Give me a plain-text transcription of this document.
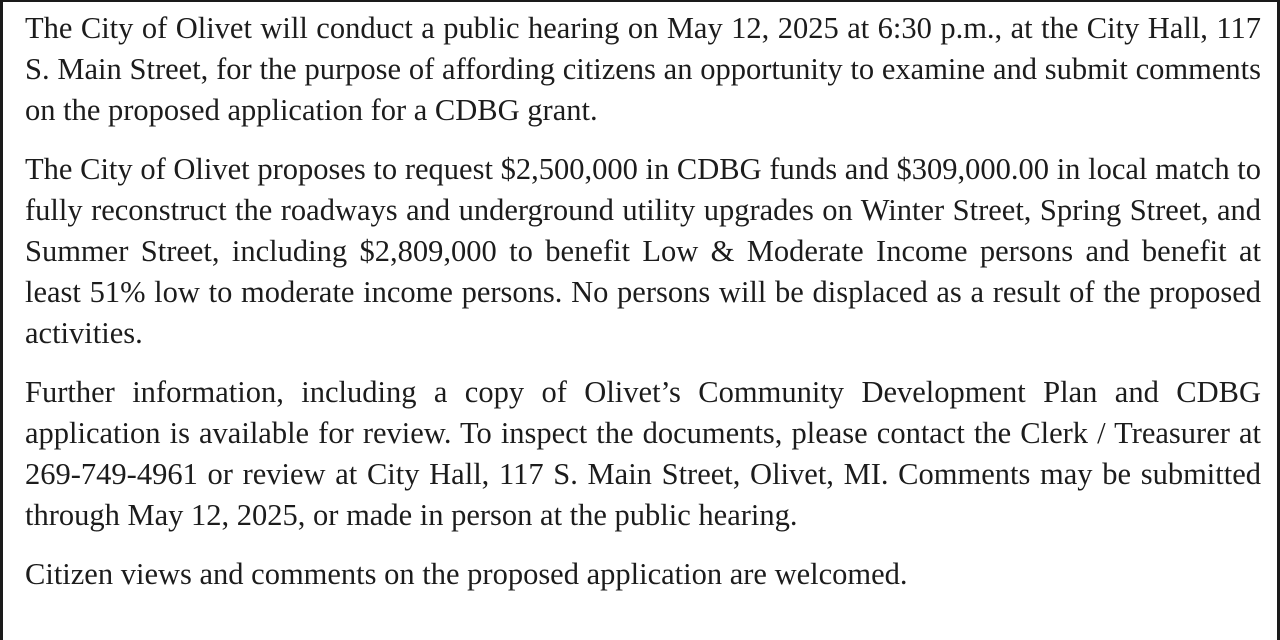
The City of Olivet will conduct a public hearing on May 12, 2025 at 6:30 p.m., at the City Hall, 117 S. Main Street, for the purpose of affording citizens an opportunity to examine and submit comments on the proposed application for a CDBG grant.

The City of Olivet proposes to request $2,500,000 in CDBG funds and $309,000.00 in local match to fully reconstruct the roadways and underground utility upgrades on Winter Street, Spring Street, and Summer Street, including $2,809,000 to benefit Low & Moderate Income persons and benefit at least 51% low to moderate income persons. No persons will be displaced as a result of the proposed activities.

Further information, including a copy of Olivet’s Community Development Plan and CDBG application is available for review. To inspect the documents, please contact the Clerk / Treasurer at 269-749-4961 or review at City Hall, 117 S. Main Street, Olivet, MI. Comments may be submitted through May 12, 2025, or made in person at the public hearing.

Citizen views and comments on the proposed application are welcomed.
